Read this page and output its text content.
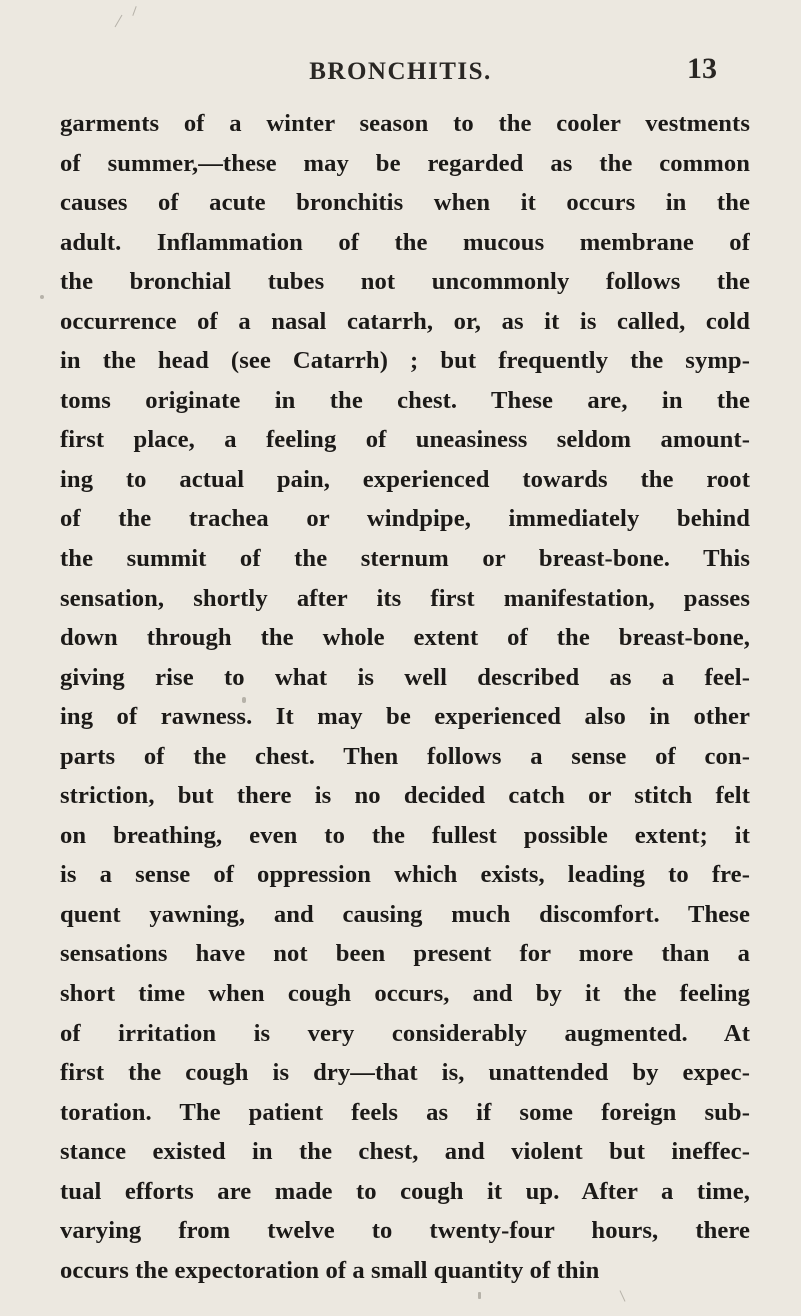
BRONCHITIS.	13
garments of a winter season to the cooler vestments
of summer,—these may be regarded as the common
causes of acute bronchitis when it occurs in the
adult. Inflammation of the mucous membrane of
the bronchial tubes not uncommonly follows the
occurrence of a nasal catarrh, or, as it is called, cold
in the head (see Catarrh) ; but frequently the symp-
toms originate in the chest. These are, in the
first place, a feeling of uneasiness seldom amount-
ing to actual pain, experienced towards the root
of the trachea or windpipe, immediately behind
the summit of the sternum or breast-bone. This
sensation, shortly after its first manifestation, passes
down through the whole extent of the breast-bone,
giving rise to what is well described as a feel-
ing of rawness. It may be experienced also in other
parts of the chest. Then follows a sense of con-
striction, but there is no decided catch or stitch felt
on breathing, even to the fullest possible extent; it
is a sense of oppression which exists, leading to fre-
quent yawning, and causing much discomfort. These
sensations have not been present for more than a
short time when cough occurs, and by it the feeling
of irritation is very considerably augmented. At
first the cough is dry—that is, unattended by expec-
toration. The patient feels as if some foreign sub-
stance existed in the chest, and violent but ineffec-
tual efforts are made to cough it up. After a time,
varying from twelve to twenty-four hours, there
occurs the expectoration of a small quantity of thin
